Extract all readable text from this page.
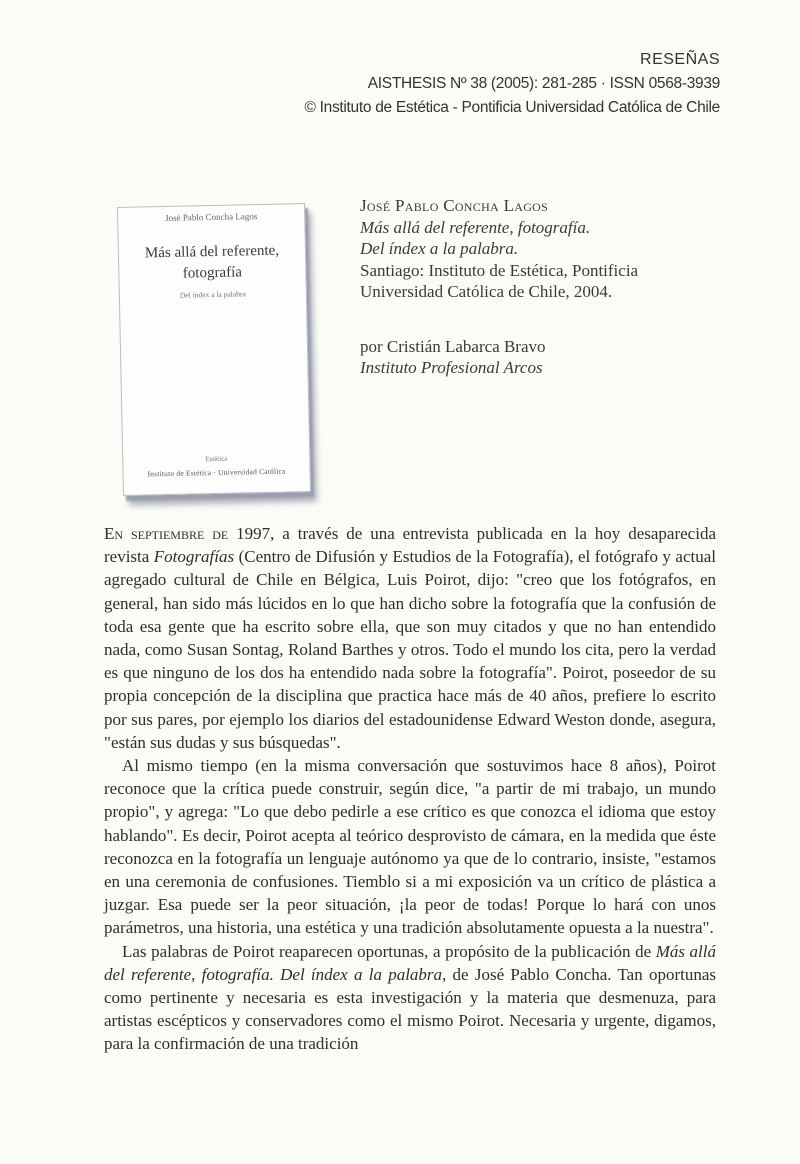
RESEÑAS
AISTHESIS Nº 38 (2005): 281-285 · ISSN 0568-3939
© Instituto de Estética - Pontificia Universidad Católica de Chile
José Pablo Concha Lagos
Más allá del referente, fotografía
Del índex a la palabra
Estética
Instituto de Estética · Universidad Católica
José Pablo Concha Lagos
Más allá del referente, fotografía.
Del índex a la palabra.
Santiago: Instituto de Estética, Pontificia
Universidad Católica de Chile, 2004.
por Cristián Labarca Bravo
Instituto Profesional Arcos

En septiembre de 1997, a través de una entrevista publicada en la hoy desaparecida revista Fotografías (Centro de Difusión y Estudios de la Fotografía), el fotógrafo y actual agregado cultural de Chile en Bélgica, Luis Poirot, dijo: "creo que los fotógrafos, en general, han sido más lúcidos en lo que han dicho sobre la fotografía que la confusión de toda esa gente que ha escrito sobre ella, que son muy citados y que no han entendido nada, como Susan Sontag, Roland Barthes y otros. Todo el mundo los cita, pero la verdad es que ninguno de los dos ha entendido nada sobre la fotografía". Poirot, poseedor de su propia concepción de la disciplina que practica hace más de 40 años, prefiere lo escrito por sus pares, por ejemplo los diarios del estadounidense Edward Weston donde, asegura, "están sus dudas y sus búsquedas".

Al mismo tiempo (en la misma conversación que sostuvimos hace 8 años), Poirot reconoce que la crítica puede construir, según dice, "a partir de mi trabajo, un mundo propio", y agrega: "Lo que debo pedirle a ese crítico es que conozca el idioma que estoy hablando". Es decir, Poirot acepta al teórico desprovisto de cámara, en la medida que éste reconozca en la fotografía un lenguaje autónomo ya que de lo contrario, insiste, "estamos en una ceremonia de confusiones. Tiemblo si a mi exposición va un crítico de plástica a juzgar. Esa puede ser la peor situación, ¡la peor de todas! Porque lo hará con unos parámetros, una historia, una estética y una tradición absolutamente opuesta a la nuestra".

Las palabras de Poirot reaparecen oportunas, a propósito de la publicación de Más allá del referente, fotografía. Del índex a la palabra, de José Pablo Concha. Tan oportunas como pertinente y necesaria es esta investigación y la materia que desmenuza, para artistas escépticos y conservadores como el mismo Poirot. Necesaria y urgente, digamos, para la confirmación de una tradición
